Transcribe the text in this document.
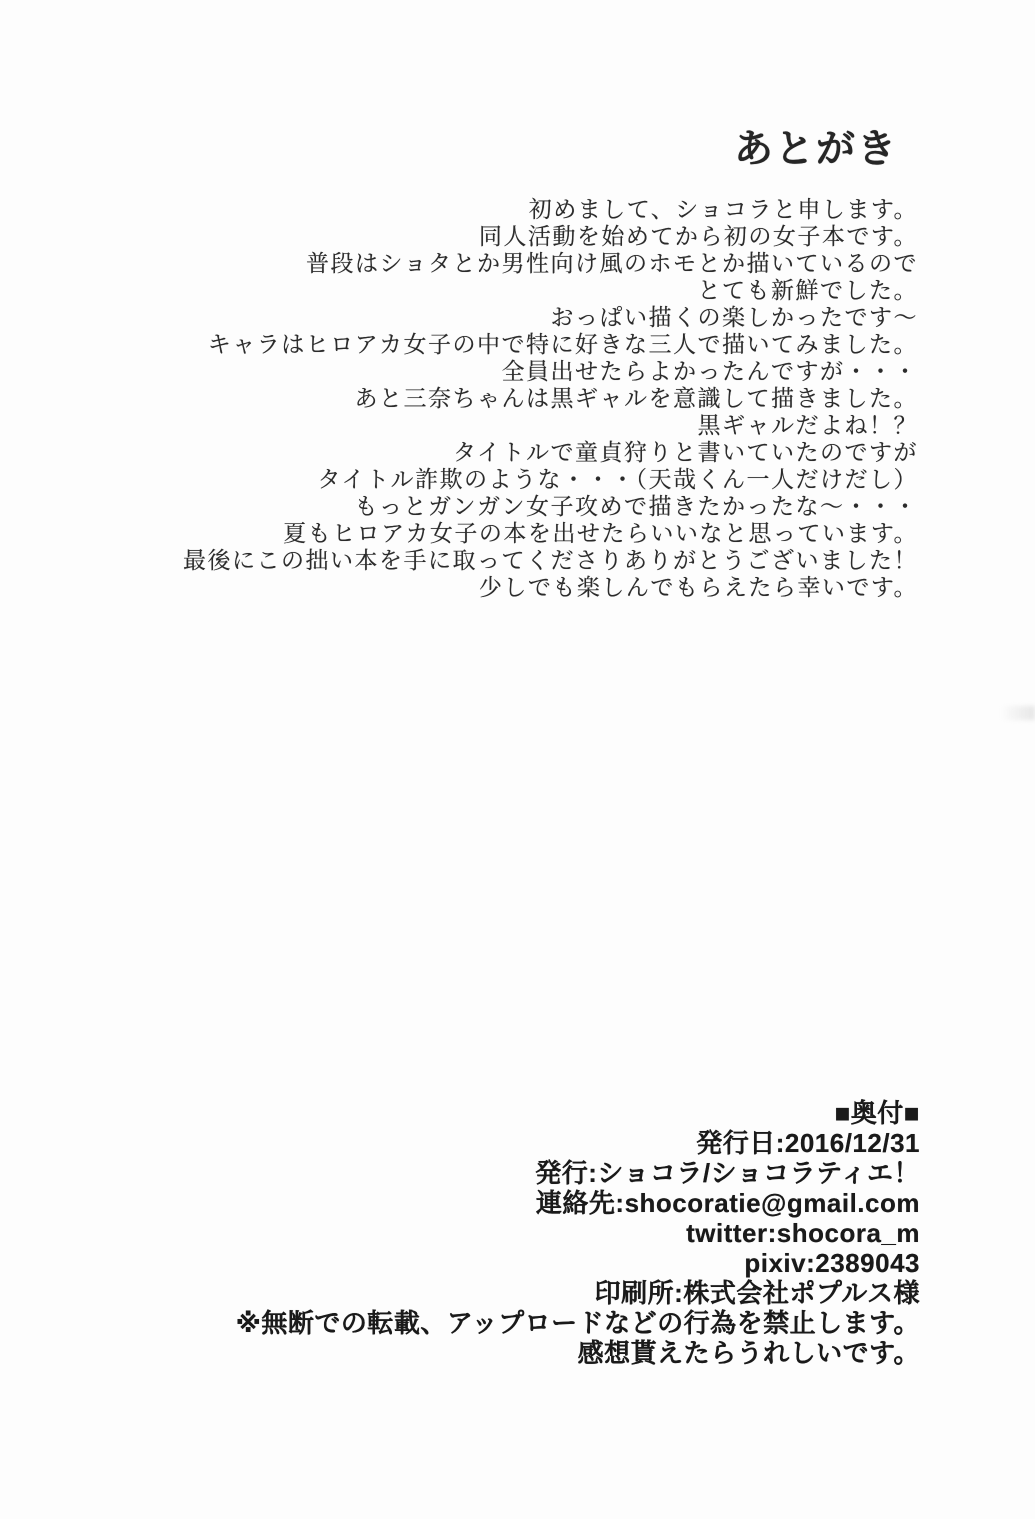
あとがき
初めまして、ショコラと申します。
同人活動を始めてから初の女子本です。
普段はショタとか男性向け風のホモとか描いているので
とても新鮮でした。
おっぱい描くの楽しかったです～
キャラはヒロアカ女子の中で特に好きな三人で描いてみました。
全員出せたらよかったんですが・・・
あと三奈ちゃんは黒ギャルを意識して描きました。
黒ギャルだよね！？
タイトルで童貞狩りと書いていたのですが
タイトル詐欺のような・・・（天哉くん一人だけだし）
もっとガンガン女子攻めで描きたかったな～・・・
夏もヒロアカ女子の本を出せたらいいなと思っています。
最後にこの拙い本を手に取ってくださりありがとうございました！
少しでも楽しんでもらえたら幸いです。
■奥付■
発行日:2016/12/31
発行:ショコラ/ショコラティエ！
連絡先:shocoratie@gmail.com
twitter:shocora_m
pixiv:2389043
印刷所:株式会社ポプルス様
※無断での転載、アップロードなどの行為を禁止します。
感想貰えたらうれしいです。
